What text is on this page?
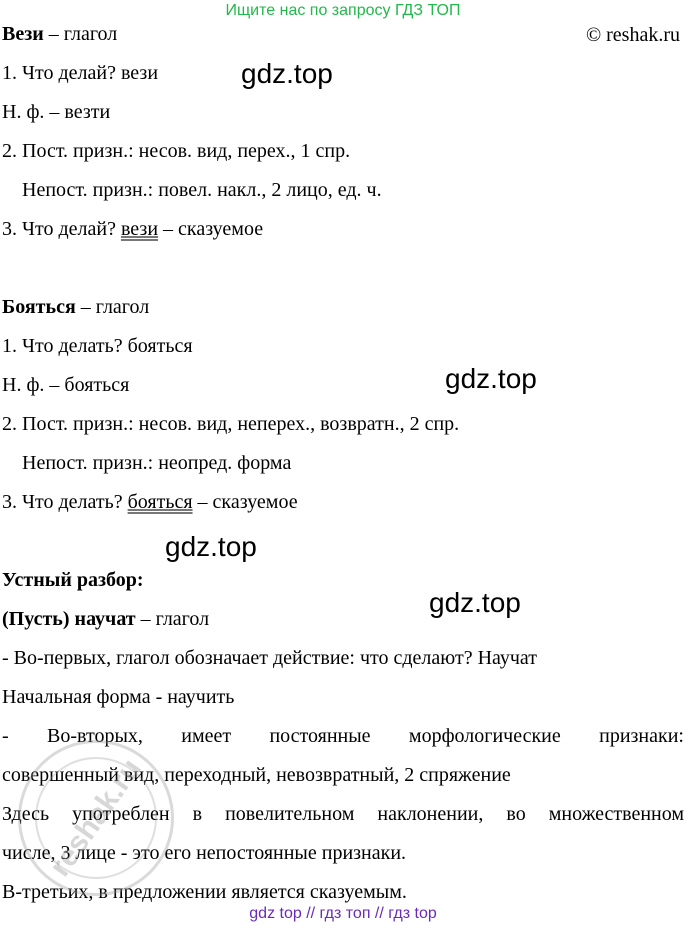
Ищите нас по запросу ГДЗ ТОП
© reshak.ru
Вези – глагол
1. Что делай? вези
Н. ф. – везти
2. Пост. призн.: несов. вид, перех., 1 спр.
Непост. призн.: повел. накл., 2 лицо, ед. ч.
3. Что делай? вези – сказуемое
Бояться – глагол
1. Что делать? бояться
Н. ф. – бояться
2. Пост. призн.: несов. вид, неперех., возвратн., 2 спр.
Непост. призн.: неопред. форма
3. Что делать? бояться – сказуемое
Устный разбор:
(Пусть) научат – глагол
- Во-первых, глагол обозначает действие: что сделают? Научат
Начальная форма - научить
- Во-вторых, имеет постоянные морфологические признаки:
совершенный вид, переходный, невозвратный, 2 спряжение
Здесь употреблен в повелительном наклонении, во множественном
числе, 3 лице - это его непостоянные признаки.
В-третьих, в предложении является сказуемым.
gdz.top
gdz.top
gdz.top
gdz.top
reshak.ru
gdz top // гдз топ // гдз top
